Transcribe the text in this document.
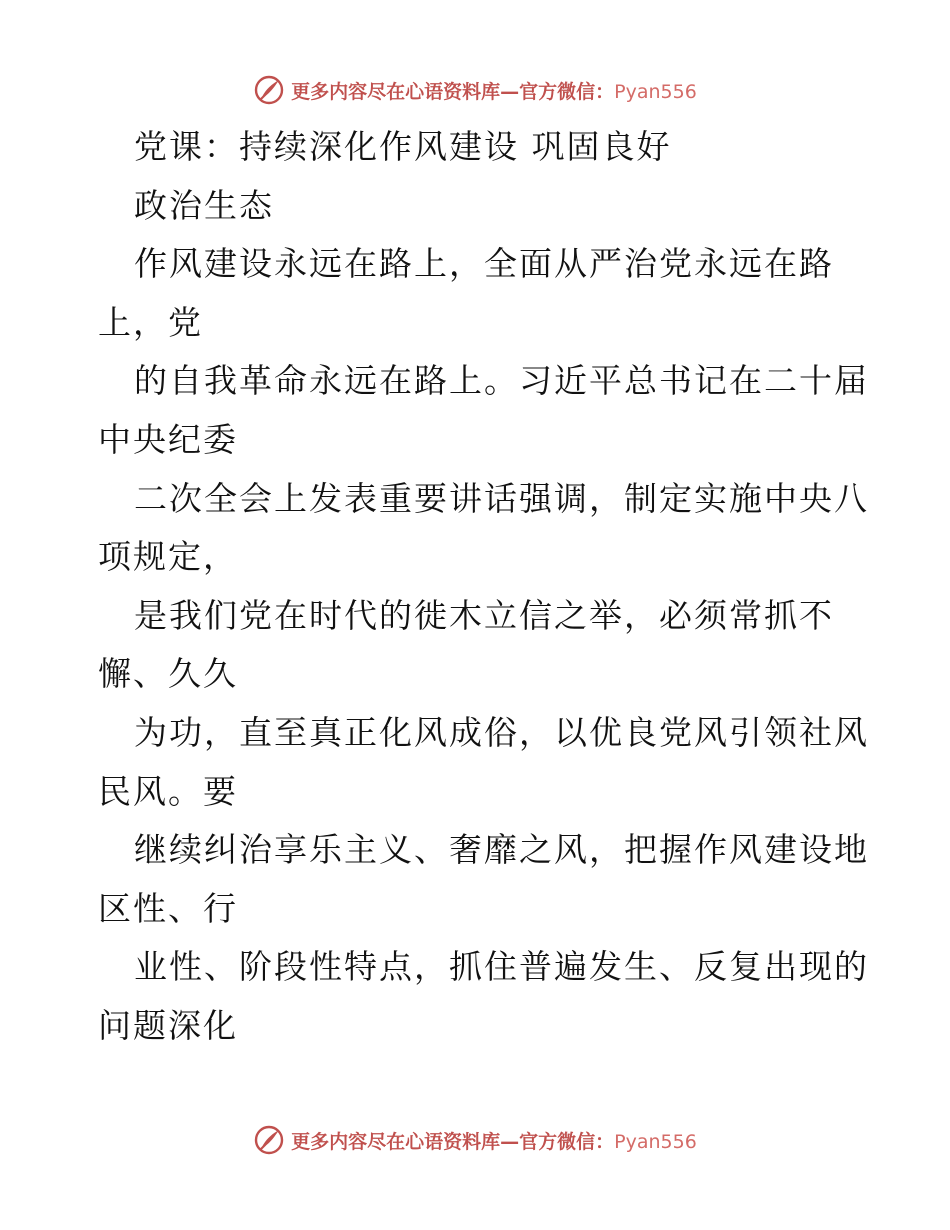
更多内容尽在心语资料库—官方微信：Pyan556
党课：持续深化作风建设 巩固良好
政治生态
作风建设永远在路上，全面从严治党永远在路
上，党
的自我革命永远在路上。习近平总书记在二十届
中央纪委
二次全会上发表重要讲话强调，制定实施中央八
项规定，
是我们党在时代的徙木立信之举，必须常抓不
懈、久久
为功，直至真正化风成俗，以优良党风引领社风
民风。要
继续纠治享乐主义、奢靡之风，把握作风建设地
区性、行
业性、阶段性特点，抓住普遍发生、反复出现的
问题深化
更多内容尽在心语资料库—官方微信：Pyan556
